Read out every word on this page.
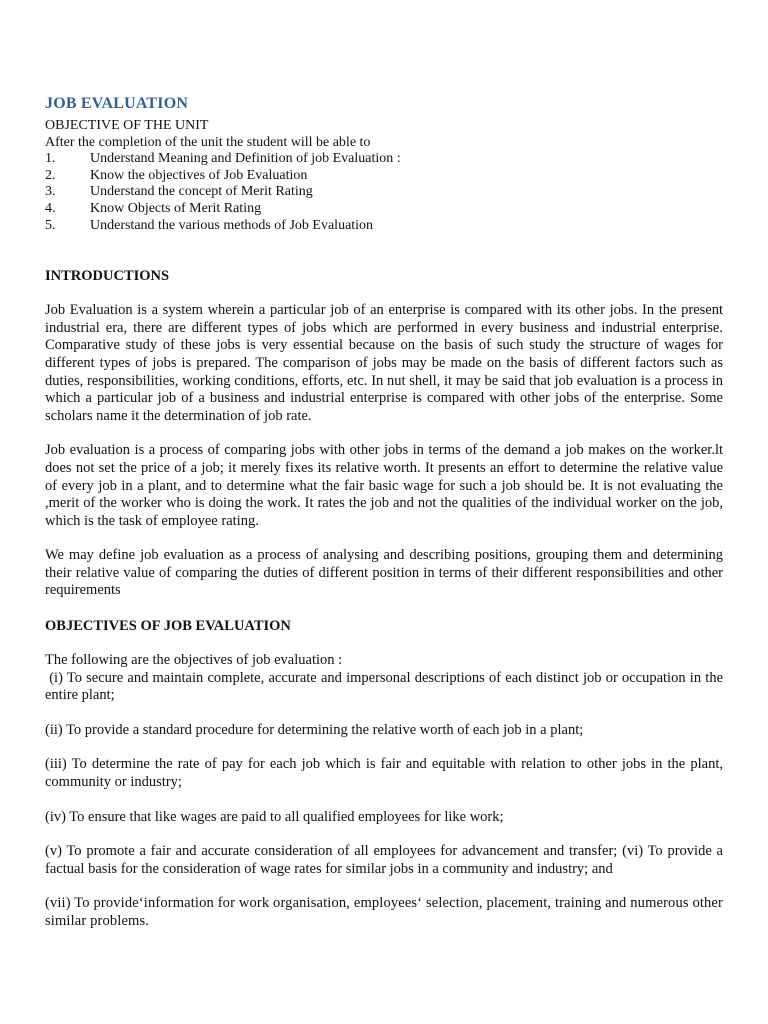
JOB EVALUATION

OBJECTIVE OF THE UNIT

After the completion of the unit the student will be able to

1.	Understand Meaning and Definition of job Evaluation :
2.	Know the objectives of Job Evaluation
3.	Understand the concept of Merit Rating
4.	Know Objects of Merit Rating
5.	Understand the various methods of Job Evaluation
INTRODUCTIONS

Job Evaluation is a system wherein a particular job of an enterprise is compared with its other jobs. In the present industrial era, there are different types of jobs which are performed in every business and industrial enterprise. Comparative study of these jobs is very essential because on the basis of such study the structure of wages for different types of jobs is prepared. The comparison of jobs may be made on the basis of different factors such as duties, responsibilities, working conditions, efforts, etc. In nut shell, it may be said that job evaluation is a process in which a particular job of a business and industrial enterprise is compared with other jobs of the enterprise. Some scholars name it the determination of job rate.

Job evaluation is a process of comparing jobs with other jobs in terms of the demand a job makes on the worker.lt does not set the price of a job; it merely fixes its relative worth. It presents an effort to determine the relative value of every job in a plant, and to determine what the fair basic wage for such a job should be. It is not evaluating the ,merit of the worker who is doing the work. It rates the job and not the qualities of the individual worker on the job, which is the task of employee rating.

We may define job evaluation as a process of analysing and describing positions, grouping them and determining their relative value of comparing the duties of different position in terms of their different responsibilities and other requirements

OBJECTIVES OF JOB EVALUATION

The following are the objectives of job evaluation :

(i) To secure and maintain complete, accurate and impersonal descriptions of each distinct job or occupation in the entire plant;

(ii) To provide a standard procedure for determining the relative worth of each job in a plant;

(iii) To determine the rate of pay for each job which is fair and equitable with relation to other jobs in the plant, community or industry;

(iv) To ensure that like wages are paid to all qualified employees for like work;

(v) To promote a fair and accurate consideration of all employees for advancement and transfer; (vi) To provide a factual basis for the consideration of wage rates for similar jobs in a community and industry; and

(vii) To provide‘information for work organisation, employees‘ selection, placement, training and numerous other similar problems.
